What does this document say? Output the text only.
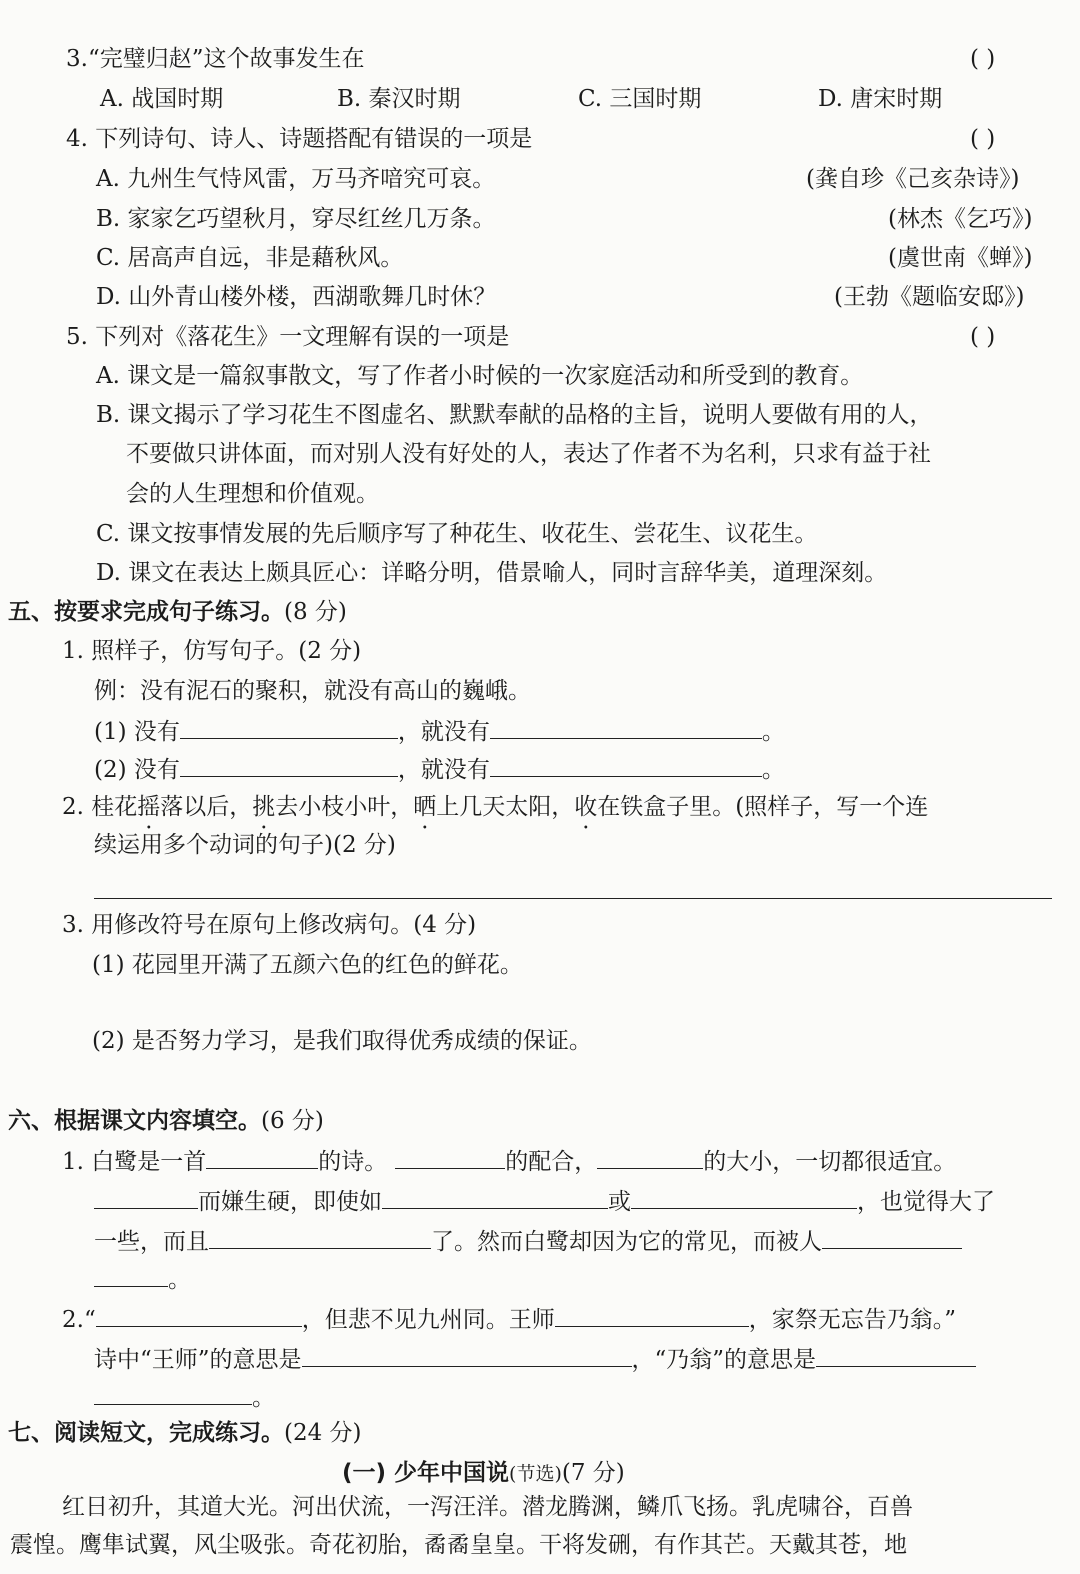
3.“完璧归赵”这个故事发生在	( )
A. 战国时期	B. 秦汉时期	C. 三国时期	D. 唐宋时期
4. 下列诗句、诗人、诗题搭配有错误的一项是	( )
A. 九州生气恃风雷，万马齐喑究可哀。	(龚自珍《己亥杂诗》)
B. 家家乞巧望秋月，穿尽红丝几万条。	(林杰《乞巧》)
C. 居高声自远，非是藉秋风。	(虞世南《蝉》)
D. 山外青山楼外楼，西湖歌舞几时休？	(王勃《题临安邸》)
5. 下列对《落花生》一文理解有误的一项是	( )
A. 课文是一篇叙事散文，写了作者小时候的一次家庭活动和所受到的教育。
B. 课文揭示了学习花生不图虚名、默默奉献的品格的主旨，说明人要做有用的人，
不要做只讲体面，而对别人没有好处的人，表达了作者不为名利，只求有益于社
会的人生理想和价值观。
C. 课文按事情发展的先后顺序写了种花生、收花生、尝花生、议花生。
D. 课文在表达上颇具匠心：详略分明，借景喻人，同时言辞华美，道理深刻。
五、按要求完成句子练习。(8 分)
1. 照样子，仿写句子。(2 分)
例：没有泥石的聚积，就没有高山的巍峨。
(1) 没有	，就没有	。
(2) 没有	，就没有	。
2. 桂花摇落以后，挑去小枝小叶，晒上几天太阳，收在铁盒子里。(照样子，写一个连
续运用多个动词的句子)(2 分)
3. 用修改符号在原句上修改病句。(4 分)
(1) 花园里开满了五颜六色的红色的鲜花。
(2) 是否努力学习，是我们取得优秀成绩的保证。
六、根据课文内容填空。(6 分)
1. 白鹭是一首	的诗。	的配合，	的大小，一切都很适宜。
而嫌生硬，即使如	或	，也觉得大了
一些，而且	了。然而白鹭却因为它的常见，而被人
。
2.“	，但悲不见九州同。王师	，家祭无忘告乃翁。”
诗中“王师”的意思是	，“乃翁”的意思是
。
七、阅读短文，完成练习。(24 分)
(一) 少年中国说(节选)(7 分)
红日初升，其道大光。河出伏流，一泻汪洋。潜龙腾渊，鳞爪飞扬。乳虎啸谷，百兽
震惶。鹰隼试翼，风尘吸张。奇花初胎，矞矞皇皇。干将发硎，有作其芒。天戴其苍，地
